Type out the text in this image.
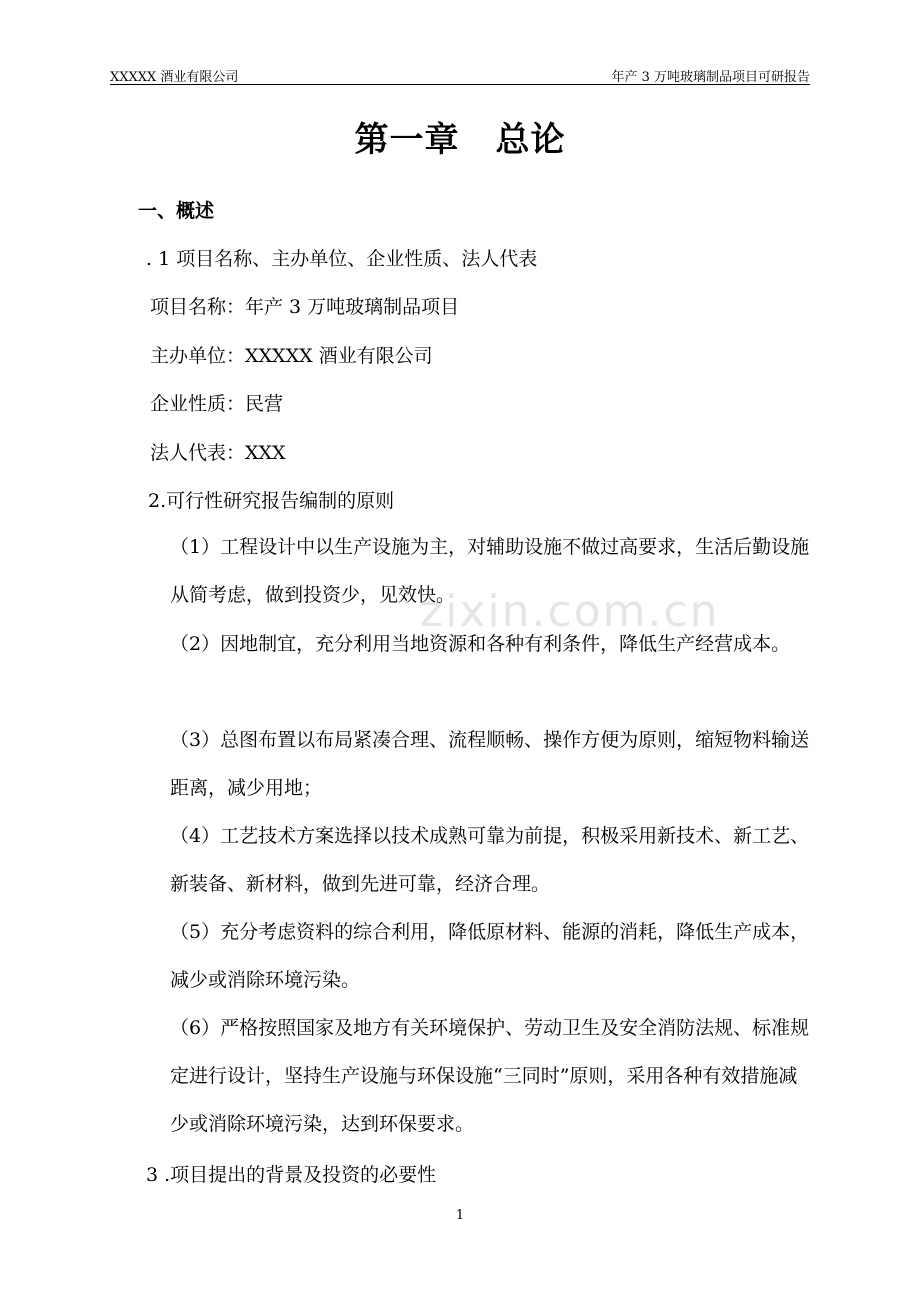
XXXXX 酒业有限公司	年产 3 万吨玻璃制品项目可研报告
第一章 总论
zixin.com.cn
一、概述
. 1 项目名称、主办单位、企业性质、法人代表
项目名称：年产 3 万吨玻璃制品项目
主办单位：XXXXX 酒业有限公司
企业性质：民营
法人代表：XXX
2.可行性研究报告编制的原则
（1）工程设计中以生产设施为主，对辅助设施不做过高要求，生活后勤设施从简考虑，做到投资少，见效快。
（2）因地制宜，充分利用当地资源和各种有利条件，降低生产经营成本。
（3）总图布置以布局紧凑合理、流程顺畅、操作方便为原则，缩短物料输送距离，减少用地；
（4）工艺技术方案选择以技术成熟可靠为前提，积极采用新技术、新工艺、新装备、新材料，做到先进可靠，经济合理。
（5）充分考虑资料的综合利用，降低原材料、能源的消耗，降低生产成本，减少或消除环境污染。
（6）严格按照国家及地方有关环境保护、劳动卫生及安全消防法规、标准规定进行设计，坚持生产设施与环保设施“三同时”原则，采用各种有效措施减少或消除环境污染，达到环保要求。
3 .项目提出的背景及投资的必要性
1
